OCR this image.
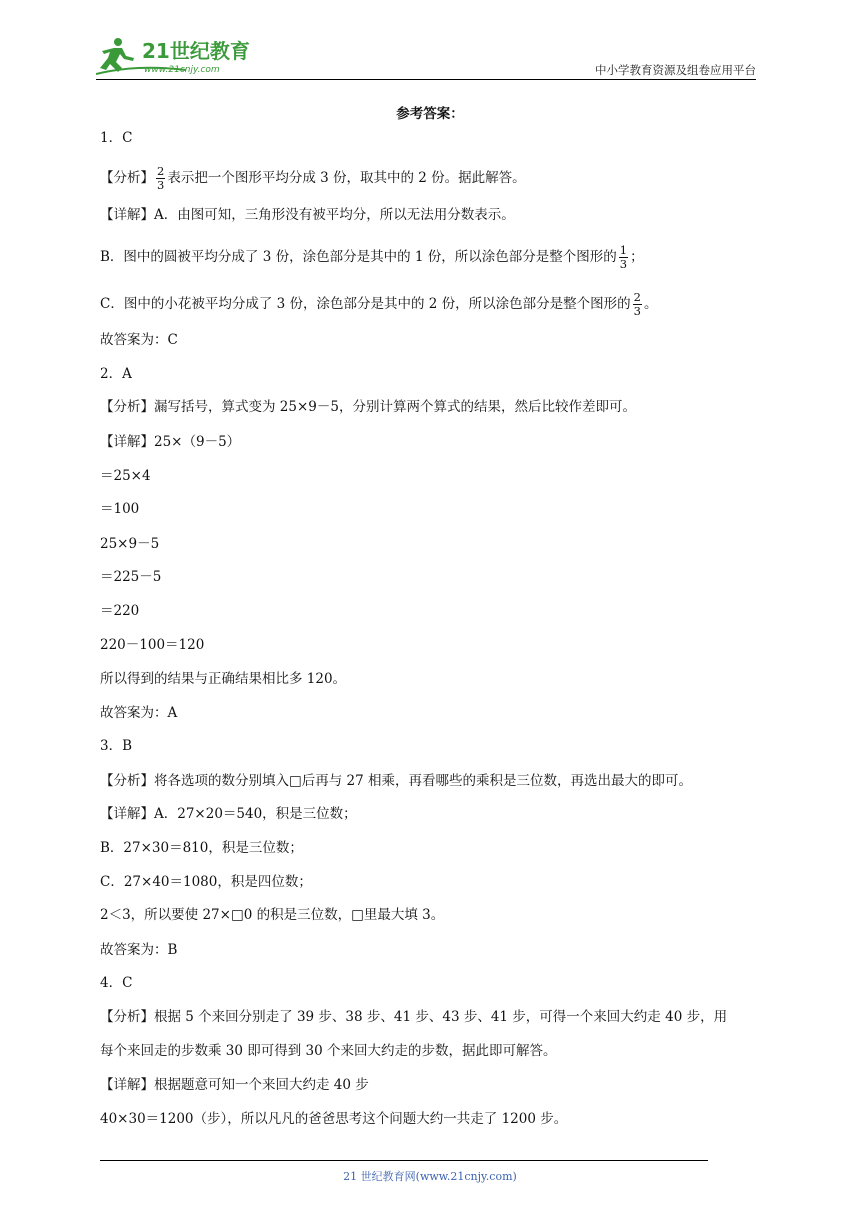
21世纪教育
www.21cnjy.com	中小学教育资源及组卷应用平台
参考答案：
1．C
【分析】 $\frac{2}{3}$ 表示把一个图形平均分成 3 份，取其中的 2 份。据此解答。
【详解】A．由图可知，三角形没有被平均分，所以无法用分数表示。
B．图中的圆被平均分成了 3 份，涂色部分是其中的 1 份，所以涂色部分是整个图形的 $\frac{1}{3}$ ；
C．图中的小花被平均分成了 3 份，涂色部分是其中的 2 份，所以涂色部分是整个图形的 $\frac{2}{3}$ 。
故答案为：C
2．A
【分析】漏写括号，算式变为 25×9－5，分别计算两个算式的结果，然后比较作差即可。
【详解】25×（9－5）
＝25×4
＝100
25×9－5
＝225－5
＝220
220－100＝120
所以得到的结果与正确结果相比多 120。
故答案为：A
3．B
【分析】将各选项的数分别填入□后再与 27 相乘，再看哪些的乘积是三位数，再选出最大的即可。
【详解】A．27×20＝540，积是三位数；
B．27×30＝810，积是三位数；
C．27×40＝1080，积是四位数；
2＜3，所以要使 27×□0 的积是三位数，□里最大填 3。
故答案为：B
4．C
【分析】根据 5 个来回分别走了 39 步、38 步、41 步、43 步、41 步，可得一个来回大约走 40 步，用
每个来回走的步数乘 30 即可得到 30 个来回大约走的步数，据此即可解答。
【详解】根据题意可知一个来回大约走 40 步
40×30＝1200（步），所以凡凡的爸爸思考这个问题大约一共走了 1200 步。
21 世纪教育网(www.21cnjy.com)
